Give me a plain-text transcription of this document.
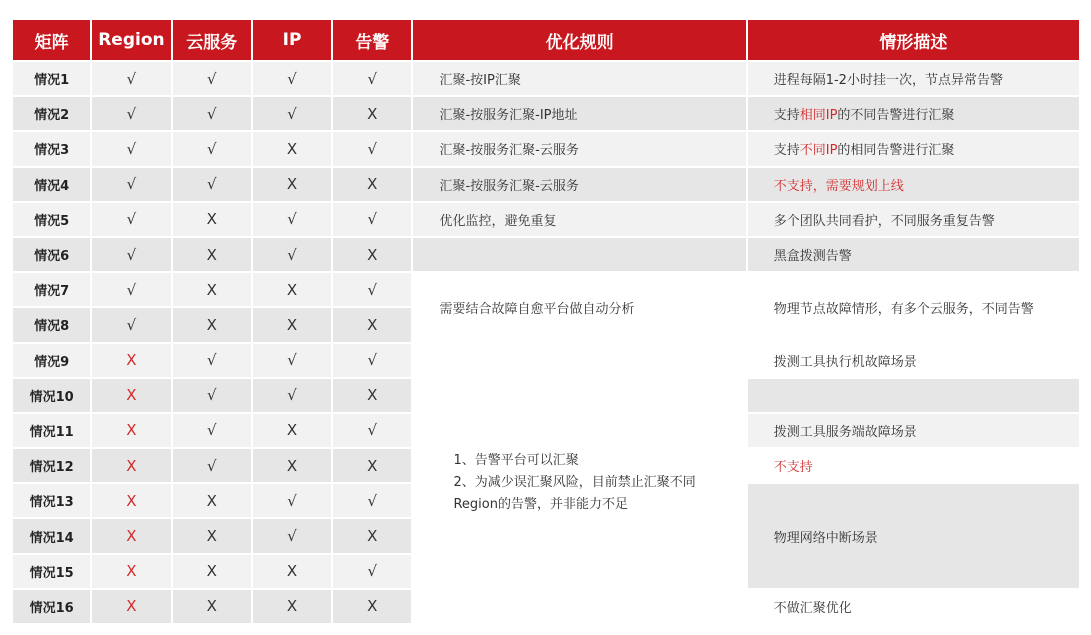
矩阵	Region	云服务	IP	告警	优化规则	情形描述
情况1	√	√	√	√	汇聚-按IP汇聚	进程每隔1-2小时挂一次，节点异常告警
情况2	√	√	√	X	汇聚-按服务汇聚-IP地址	支持相同IP的不同告警进行汇聚
情况3	√	√	X	√	汇聚-按服务汇聚-云服务	支持不同IP的相同告警进行汇聚
情况4	√	√	X	X	汇聚-按服务汇聚-云服务	不支持，需要规划上线
情况5	√	X	√	√	优化监控，避免重复	多个团队共同看护，不同服务重复告警
情况6	√	X	√	X		黑盒拨测告警
情况7	√	X	X	√	需要结合故障自愈平台做自动分析	物理节点故障情形，有多个云服务，不同告警
情况8	√	X	X	X		
情况9	X	√	√	√	1、告警平台可以汇聚
2、为减少误汇聚风险，目前禁止汇聚不同
Region的告警，并非能力不足	拨测工具执行机故障场景
情况10	X	√	√	X		
情况11	X	√	X	√		拨测工具服务端故障场景
情况12	X	√	X	X		不支持
情况13	X	X	√	√		物理网络中断场景
情况14	X	X	√	X		
情况15	X	X	X	√		
情况16	X	X	X	X		不做汇聚优化
